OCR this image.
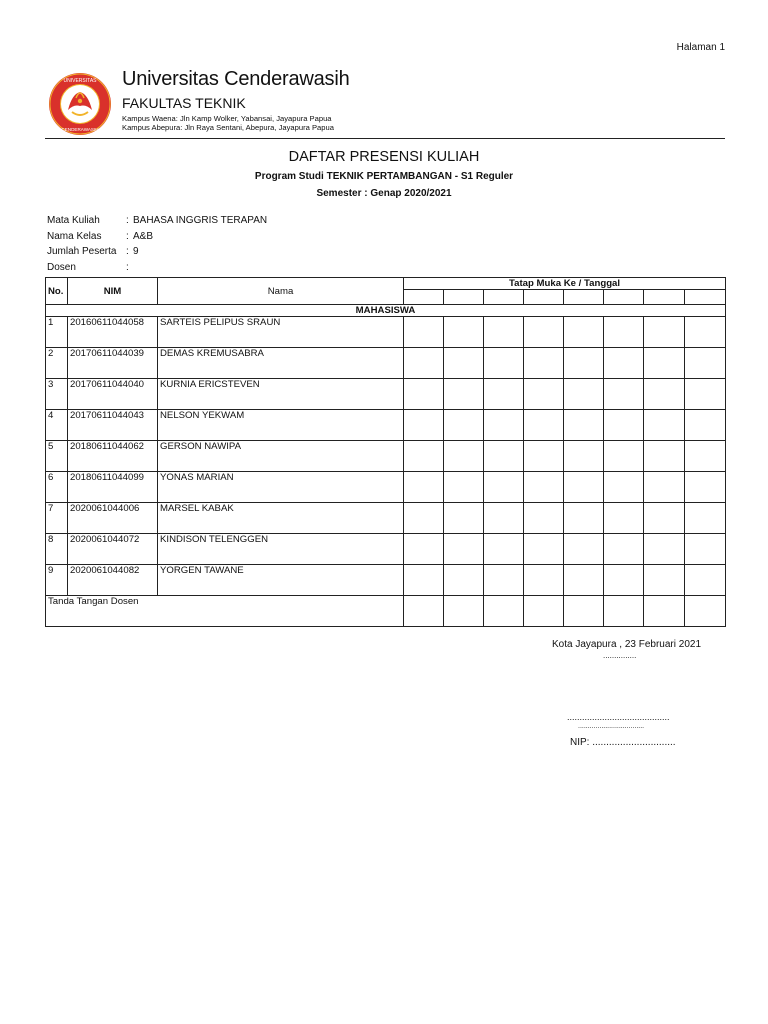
Halaman 1
UNIVERSITAS
CENDERAWASIH
Universitas Cenderawasih
FAKULTAS TEKNIK
Kampus Waena: Jln Kamp Wolker, Yabansai, Jayapura Papua
Kampus Abepura: Jln Raya Sentani, Abepura, Jayapura Papua
DAFTAR PRESENSI KULIAH
Program Studi TEKNIK PERTAMBANGAN - S1 Reguler
Semester : Genap 2020/2021
Mata Kuliah	: BAHASA INGGRIS TERAPAN
Nama Kelas : A&B
Jumlah Peserta : 9
Dosen	:
No.	NIM	Nama	Tatap Muka Ke / Tanggal							

MAHASISWA										
1	20160611044058	SARTEIS PELIPUS SRAUN								
2	20170611044039	DEMAS KREMUSABRA								
3	20170611044040	KURNIA ERICSTEVEN								
4	20170611044043	NELSON YEKWAM								
5	20180611044062	GERSON NAWIPA								
6	20180611044099	YONAS MARIAN								
7	2020061044006	MARSEL KABAK								
8	2020061044072	KINDISON TELENGGEN								
9	2020061044082	YORGEN TAWANE								
Tanda Tangan Dosen										
Kota Jayapura , 23 Februari 2021
...............
.........................................
..................................
NIP: ..............................
